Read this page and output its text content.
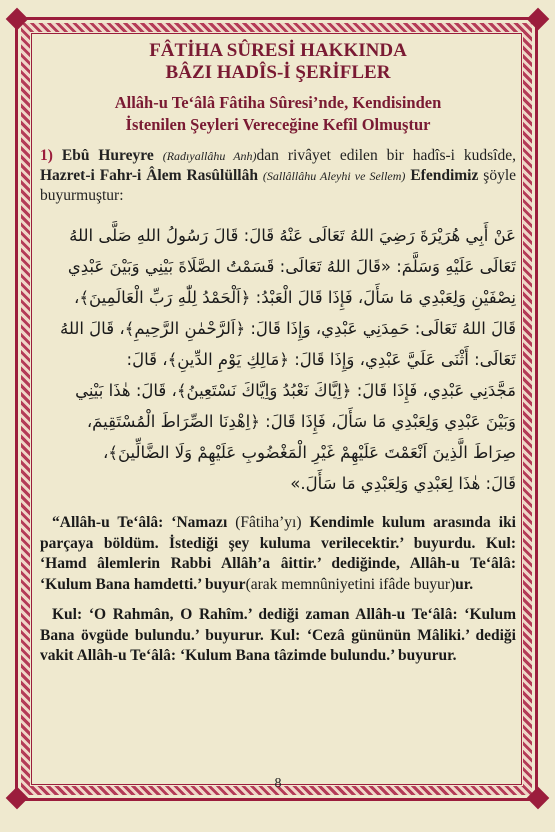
FÂTİHA SÛRESİ HAKKINDA
BÂZI HADÎS-İ ŞERİFLER
Allâh-u Te‘âlâ Fâtiha Sûresi’nde, Kendisinden
İstenilen Şeyleri Vereceğine Kefîl Olmuştur
1) Ebû Hureyre (Radıyallâhu Anh)dan rivâyet edilen bir hadîs-i kudsîde, Hazret-i Fahr-i Âlem Rasûlüllâh (Sallâllâhu Aleyhi ve Sellem) Efendimiz şöyle buyurmuştur:
عَنْ أَبِي هُرَيْرَةَ رَضِيَ اللهُ تَعَالَى عَنْهُ قَالَ: قَالَ رَسُولُ اللهِ صَلَّى اللهُ
تَعَالَى عَلَيْهِ وَسَلَّمَ: «قَالَ اللهُ تَعَالَى: قَسَمْتُ الصَّلَاةَ بَيْنِي وَبَيْنَ عَبْدِي
نِصْفَيْنِ وَلِعَبْدِي مَا سَأَلَ، فَإِذَا قَالَ الْعَبْدُ: ﴿اَلْحَمْدُ لِلّٰهِ رَبِّ الْعَالَمِينَ﴾،
قَالَ اللهُ تَعَالَى: حَمِدَنِي عَبْدِي، وَإِذَا قَالَ: ﴿اَلرَّحْمٰنِ الرَّحِيمِ﴾، قَالَ اللهُ
تَعَالَى: أَثْنَى عَلَيَّ عَبْدِي، وَإِذَا قَالَ: ﴿مَالِكِ يَوْمِ الدِّينِ﴾، قَالَ:
مَجَّدَنِي عَبْدِي، فَإِذَا قَالَ: ﴿اِيَّاكَ نَعْبُدُ وَاِيَّاكَ نَسْتَعِينُ﴾، قَالَ: هٰذَا بَيْنِي
وَبَيْنَ عَبْدِي وَلِعَبْدِي مَا سَأَلَ، فَإِذَا قَالَ: ﴿اِهْدِنَا الصِّرَاطَ الْمُسْتَقِيمَ،
صِرَاطَ الَّذِينَ اَنْعَمْتَ عَلَيْهِمْ غَيْرِ الْمَغْضُوبِ عَلَيْهِمْ وَلَا الضَّالِّينَ﴾،
قَالَ: هٰذَا لِعَبْدِي وَلِعَبْدِي مَا سَأَلَ.»
“Allâh-u Te‘âlâ: ‘Namazı (Fâtiha’yı) Kendimle kulum arasında iki parçaya böldüm. İstediği şey kuluma verilecektir.’ buyurdu. Kul: ‘Hamd âlemlerin Rabbi Allâh’a âittir.’ dediğinde, Allâh-u Te‘âlâ: ‘Kulum Bana hamdetti.’ buyur(arak memnûniyetini ifâde buyur)ur.
Kul: ‘O Rahmân, O Rahîm.’ dediği zaman Allâh-u Te‘âlâ: ‘Kulum Bana övgüde bulundu.’ buyurur. Kul: ‘Cezâ gününün Mâliki.’ dediği vakit Allâh-u Te‘âlâ: ‘Kulum Bana tâzimde bulundu.’ buyurur.
8
